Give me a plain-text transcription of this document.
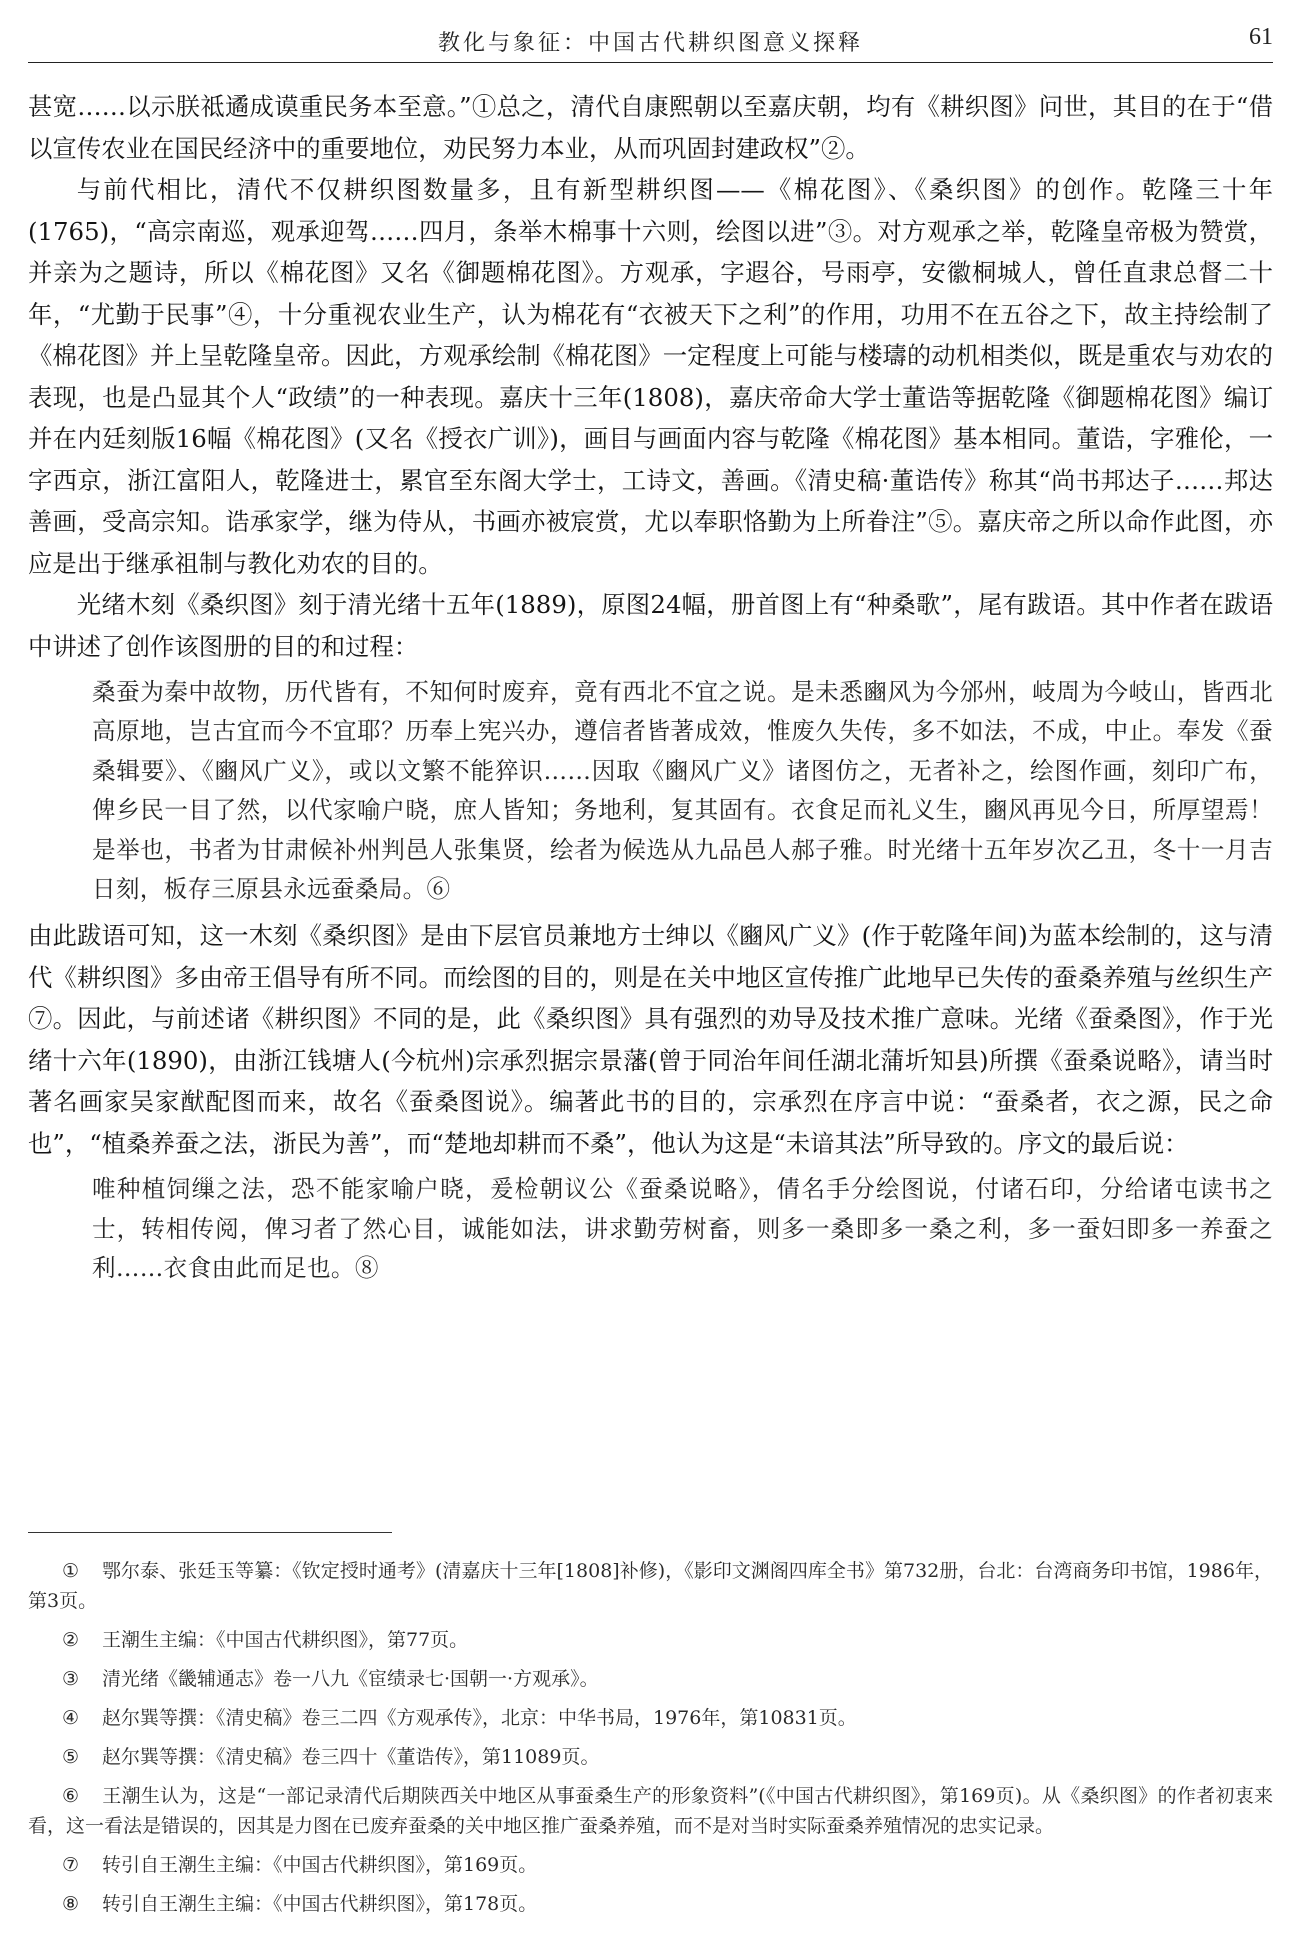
教化与象征：中国古代耕织图意义探释	61

甚宽……以示朕祗遹成谟重民务本至意。”①总之，清代自康熙朝以至嘉庆朝，均有《耕织图》问世，其目的在于“借以宣传农业在国民经济中的重要地位，劝民努力本业，从而巩固封建政权”②。

与前代相比，清代不仅耕织图数量多，且有新型耕织图——《棉花图》、《桑织图》的创作。乾隆三十年(1765)，“高宗南巡，观承迎驾……四月，条举木棉事十六则，绘图以进”③。对方观承之举，乾隆皇帝极为赞赏，并亲为之题诗，所以《棉花图》又名《御题棉花图》。方观承，字遐谷，号雨亭，安徽桐城人，曾任直隶总督二十年，“尤勤于民事”④，十分重视农业生产，认为棉花有“衣被天下之利”的作用，功用不在五谷之下，故主持绘制了《棉花图》并上呈乾隆皇帝。因此，方观承绘制《棉花图》一定程度上可能与楼璹的动机相类似，既是重农与劝农的表现，也是凸显其个人“政绩”的一种表现。嘉庆十三年(1808)，嘉庆帝命大学士董诰等据乾隆《御题棉花图》编订并在内廷刻版16幅《棉花图》(又名《授衣广训》)，画目与画面内容与乾隆《棉花图》基本相同。董诰，字雅伦，一字西京，浙江富阳人，乾隆进士，累官至东阁大学士，工诗文，善画。《清史稿·董诰传》称其“尚书邦达子……邦达善画，受高宗知。诰承家学，继为侍从，书画亦被宸赏，尤以奉职恪勤为上所眷注”⑤。嘉庆帝之所以命作此图，亦应是出于继承祖制与教化劝农的目的。

光绪木刻《桑织图》刻于清光绪十五年(1889)，原图24幅，册首图上有“种桑歌”，尾有跋语。其中作者在跋语中讲述了创作该图册的目的和过程：

桑蚕为秦中故物，历代皆有，不知何时废弃，竟有西北不宜之说。是未悉豳风为今邠州，岐周为今岐山，皆西北高原地，岂古宜而今不宜耶？历奉上宪兴办，遵信者皆著成效，惟废久失传，多不如法，不成，中止。奉发《蚕桑辑要》、《豳风广义》，或以文繁不能猝识……因取《豳风广义》诸图仿之，无者补之，绘图作画，刻印广布，俾乡民一目了然，以代家喻户晓，庶人皆知；务地利，复其固有。衣食足而礼义生，豳风再见今日，所厚望焉！是举也，书者为甘肃候补州判邑人张集贤，绘者为候选从九品邑人郝子雅。时光绪十五年岁次乙丑，冬十一月吉日刻，板存三原县永远蚕桑局。⑥

由此跋语可知，这一木刻《桑织图》是由下层官员兼地方士绅以《豳风广义》(作于乾隆年间)为蓝本绘制的，这与清代《耕织图》多由帝王倡导有所不同。而绘图的目的，则是在关中地区宣传推广此地早已失传的蚕桑养殖与丝织生产⑦。因此，与前述诸《耕织图》不同的是，此《桑织图》具有强烈的劝导及技术推广意味。光绪《蚕桑图》，作于光绪十六年(1890)，由浙江钱塘人(今杭州)宗承烈据宗景藩(曾于同治年间任湖北蒲圻知县)所撰《蚕桑说略》，请当时著名画家吴家猷配图而来，故名《蚕桑图说》。编著此书的目的，宗承烈在序言中说：“蚕桑者，衣之源，民之命也”，“植桑养蚕之法，浙民为善”，而“楚地却耕而不桑”，他认为这是“未谙其法”所导致的。序文的最后说：

唯种植饲缫之法，恐不能家喻户晓，爰检朝议公《蚕桑说略》，倩名手分绘图说，付诸石印，分给诸屯读书之士，转相传阅，俾习者了然心目，诚能如法，讲求勤劳树畜，则多一桑即多一桑之利，多一蚕妇即多一养蚕之利……衣食由此而足也。⑧

① 鄂尔泰、张廷玉等纂：《钦定授时通考》(清嘉庆十三年[1808]补修)，《影印文渊阁四库全书》第732册，台北：台湾商务印书馆，1986年，第3页。

② 王潮生主编：《中国古代耕织图》，第77页。

③ 清光绪《畿辅通志》卷一八九《宦绩录七·国朝一·方观承》。

④ 赵尔巽等撰：《清史稿》卷三二四《方观承传》，北京：中华书局，1976年，第10831页。

⑤ 赵尔巽等撰：《清史稿》卷三四十《董诰传》，第11089页。

⑥ 王潮生认为，这是“一部记录清代后期陕西关中地区从事蚕桑生产的形象资料”(《中国古代耕织图》，第169页)。从《桑织图》的作者初衷来看，这一看法是错误的，因其是力图在已废弃蚕桑的关中地区推广蚕桑养殖，而不是对当时实际蚕桑养殖情况的忠实记录。

⑦ 转引自王潮生主编：《中国古代耕织图》，第169页。

⑧ 转引自王潮生主编：《中国古代耕织图》，第178页。
